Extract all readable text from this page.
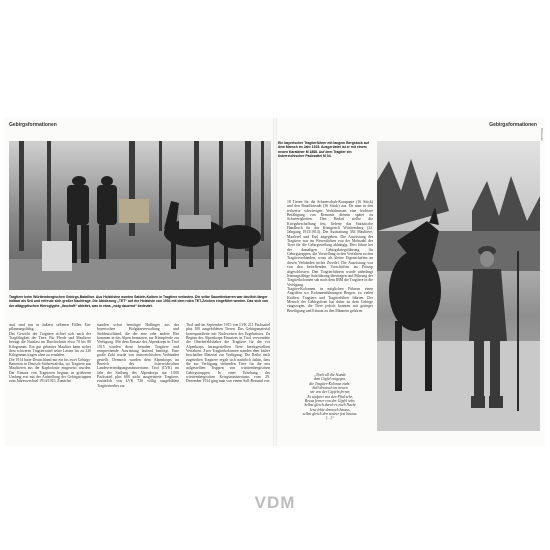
Gebirgsformationen	Gebirgsformationen
Bildquelle
Tragtiere beim Württembergischen Gebirgs-Bataillon. Aus Holzkisten wurden Satteln-Kolben in Tragtiere verlasten. Die selbe Saumtierkarren war deutlich länger haltbar als Seil und erfreute sich großer Nachfrage. Die Abkürzung „TET“ auf der Holzkiste von 1904 mit dem roten TET-Zeichen eingeführt werden. Das sich von der altägyptischen Hieroglyphe „Ibschoft“ ableitet, was in etwa „ewig dauernd“ bedeutet.
and, sind nur in äußerst seltenen Fällen Ein-pflanzungsfähig.
Das Gewicht der Tragtiere richtet sich nach der Tragfähigkeit der Tiere. Für Pferde und Maultiere beträgt die Nutzlast im Durchschnitt etwa 70 bis 80 Kilogramm. Ein gut gebautes Maultier kann sicher dem schweren Tragtiersattel seine Lasten bis zu 120 Kilogramm tragen ohne zu ermüden.
Die 1914 hatte Deutschland nur ein bis zwei Gebirgs-Batterien in Deutsch-Südwestafrika, wo Tragtiere aus Maultieren aus der Kapkolonie eingesetzt wurden. Der Einsatz von Tragtieren begann in größerem Umfang erst mit der Aufstellung der Gebirgstruppen zum Jahreswechsel 1914/1915. Zunächst
standen sofort benötigte Haflinger aus der bayerischen Hofgüterverwaltung und Süddeutschland, die der eine oder andere Hirt kommen in das Alpen benutzten, zur Kleinpferde zur Verfügung. Mit dem Einsatz des Alpenkorps in Tirol 1915 wurden diese fremden Tragtiere und entsprechende Ausrüstung laufend benötigt. Eine große Zahl wurde von österreichischen Verbänden gestellt. Dennoch wurden dem Alpenkorps im Bereich des österreichischen Landesverteidigungsministeriums Tirol (LVK) im Jahr der Stellung des Alpenkorps nur 1.000 Packsattel plus 600 nicht ausgerüstete Tragtiere, zusätzlich von LVK 726 völlig ausgebildete Tragtiertreiber zur
Tirol und im September 1915 von LVK 211 Packsattel plus 100 ausgebildeten Tieren. Das Gebirgsmaterial korrespondierte mit Nachweisen des Ergebnisses. Zu Beginn des Alpenkorps-Einsatzes in Tirol verwendete der Oberbefehlshaber die Tragtiere für die vor Alpenkorps herangestellten Tiere bereitgestellten Verfahren. Zwei Tragtierkolonnen standen dem bisher beschaffen Material zur Verfügung. Die Reihe nach zugeteilten Tragtiere ergab sich natürlich dahin, dass die zur Verfügung stehenden Tiere für die neu aufgestellten Truppen von württembergischen Gebirgstruppen. In einer Erhebung des württembergischen Kriegsministeriums vom 29. Dezember 1914 ging man von einem Soll-Bestand von
Ein bayerischer Tragtierführer mit langem Bergstock auf dem Marsch im Jahr 1915. Ausgerüstet ist er mit einem neuen Karabiner M 1888. Auf dem Tragtier ein österreichischer Packsattel M 94.
18 Tieren für die Schneeschuh-Kompanie (16 Stück) und den Bataillonstab (16 Stück) aus. Da man in den teilweise schwierigen Verhältnissen eine leichtere Befähigung von Remonte diesem später zu Schwierigkeiten. Den Bedarf stellte die Kriegsbeschaffung fest, lieferte das Statistische Handbuch für das Königreich Württemberg (22. Jahrgang 1913/1914). Die Ausstattung 384 Maultiere, Maulesel und Esel angegeben. Die Ausrüstung der Tragtiere war im Wesentlichen von der Mehrzahl der Tiere für die Gebirgsstellung abhängig. Dies führte bei der damaligen Gebirgskriegsführung für Gebirgstruppen, die Vorstellung in den Verfahren zu den Tragtierverbänden, wozu als kleine Eigenschaften an diesen Verbänden nichts Zweifel. Die Ausrüstung war von den betreffenden Vorschriften im Prinzip abgeschlossen. Den Tragtierführern wurde unbedingt leistungsfähige Satzführung übertragen und Führung der Tragtierkolonnen sah nach dem IBM die Tragtiere in die Verfügung.
Tragtier-Kolonnen in möglichen Führern einen Angriffen wo Kolonnenführungen Bergen, zu vielen Kräften, Tragtiere und Tragtierführer führten. Der Mensch der Gebirgsfront hat daher zu dem Gebirge eingezogen, die Tiere jedoch konnten mit geringer Beteiligung und Einsatz zu den Männern gehören.
„Noch all die Stunde
dem Gipfel entgegen,
die Tragtier-Kolonne zieht:
Still dennoch im treuen
wir von der Gipfeln ferner,
Es stolpert von den Pfad sehr,
Beaus ferner von der Gipfel sehr,
Selbst gleich durch es euch Nacht
Jene lebte dennoch hinaus,
selbst gleich den stolzer fest hinaus.
[…]“
VDM
